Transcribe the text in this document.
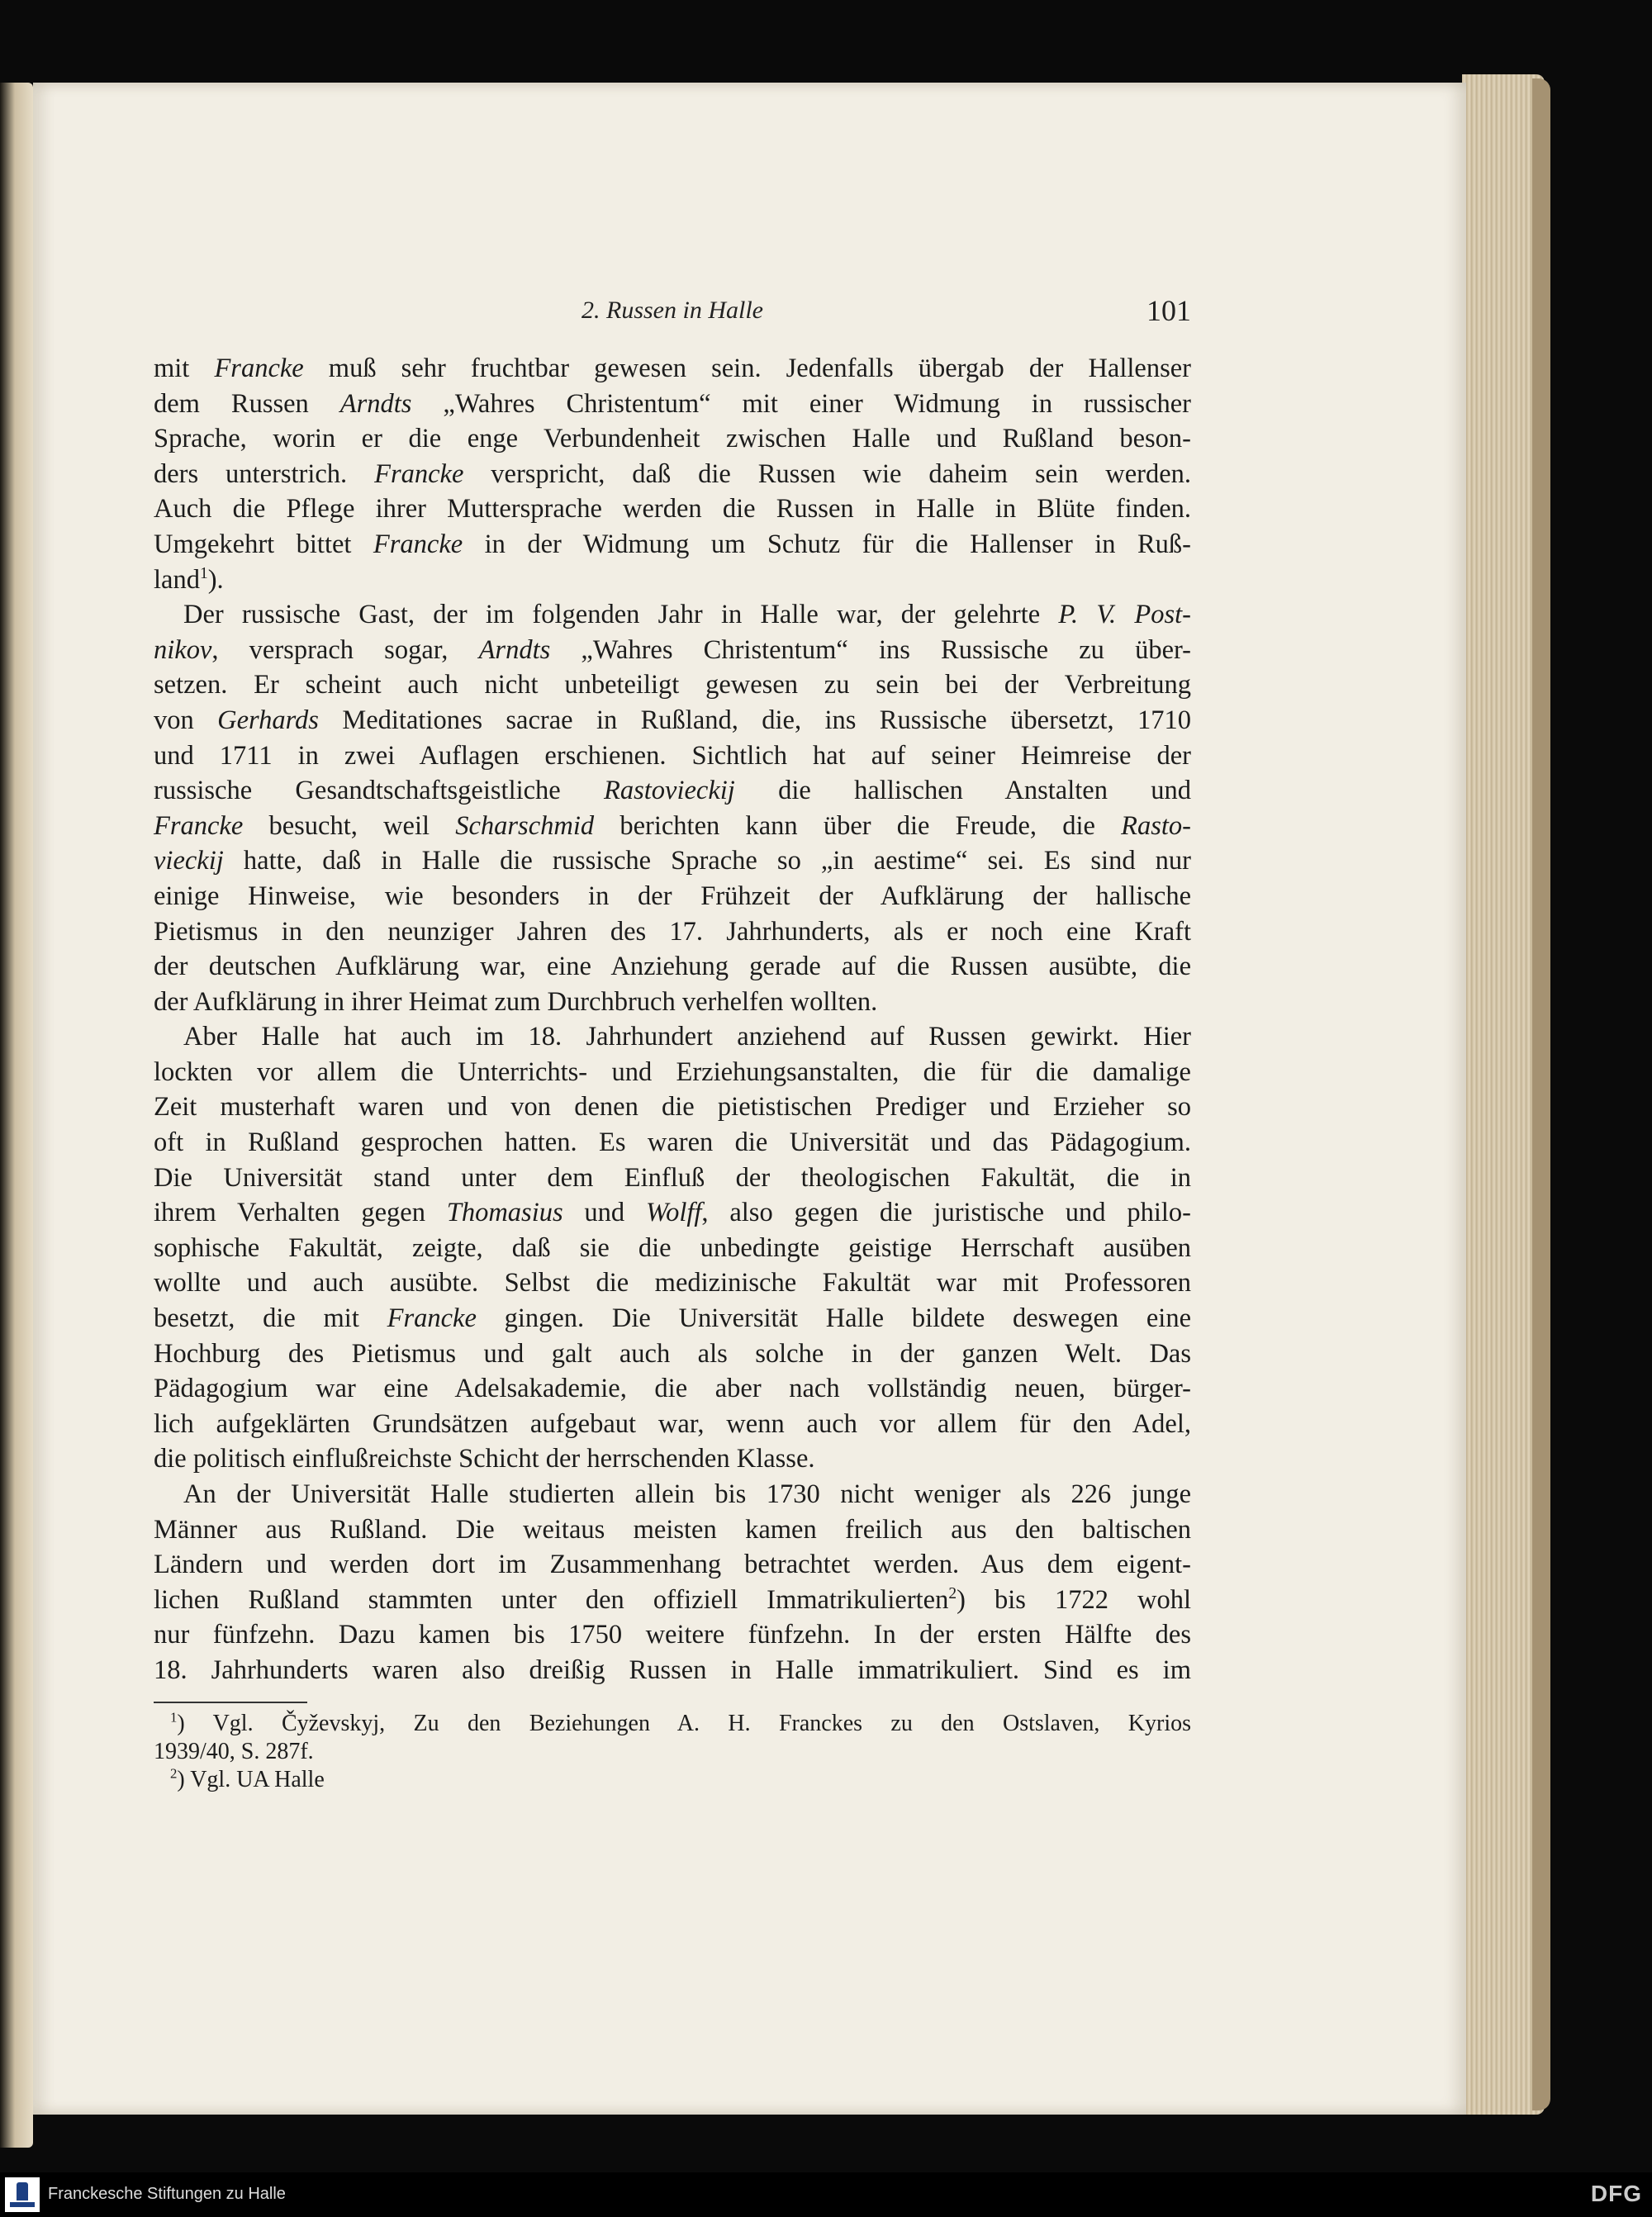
2. Russen in Halle	101

mit Francke muß sehr fruchtbar gewesen sein. Jedenfalls übergab der Hallenser

dem Russen Arndts „Wahres Christentum“ mit einer Widmung in russischer

Sprache, worin er die enge Verbundenheit zwischen Halle und Rußland beson-

ders unterstrich. Francke verspricht, daß die Russen wie daheim sein werden.

Auch die Pflege ihrer Muttersprache werden die Russen in Halle in Blüte finden.

Umgekehrt bittet Francke in der Widmung um Schutz für die Hallenser in Ruß-

land$^1$).

Der russische Gast, der im folgenden Jahr in Halle war, der gelehrte P. V. Post-

nikov, versprach sogar, Arndts „Wahres Christentum“ ins Russische zu über-

setzen. Er scheint auch nicht unbeteiligt gewesen zu sein bei der Verbreitung

von Gerhards Meditationes sacrae in Rußland, die, ins Russische übersetzt, 1710

und 1711 in zwei Auflagen erschienen. Sichtlich hat auf seiner Heimreise der

russische Gesandtschaftsgeistliche Rastovieckij die hallischen Anstalten und

Francke besucht, weil Scharschmid berichten kann über die Freude, die Rasto-

vieckij hatte, daß in Halle die russische Sprache so „in aestime“ sei. Es sind nur

einige Hinweise, wie besonders in der Frühzeit der Aufklärung der hallische

Pietismus in den neunziger Jahren des 17. Jahrhunderts, als er noch eine Kraft

der deutschen Aufklärung war, eine Anziehung gerade auf die Russen ausübte, die

der Aufklärung in ihrer Heimat zum Durchbruch verhelfen wollten.

Aber Halle hat auch im 18. Jahrhundert anziehend auf Russen gewirkt. Hier

lockten vor allem die Unterrichts- und Erziehungsanstalten, die für die damalige

Zeit musterhaft waren und von denen die pietistischen Prediger und Erzieher so

oft in Rußland gesprochen hatten. Es waren die Universität und das Pädagogium.

Die Universität stand unter dem Einfluß der theologischen Fakultät, die in

ihrem Verhalten gegen Thomasius und Wolff, also gegen die juristische und philo-

sophische Fakultät, zeigte, daß sie die unbedingte geistige Herrschaft ausüben

wollte und auch ausübte. Selbst die medizinische Fakultät war mit Professoren

besetzt, die mit Francke gingen. Die Universität Halle bildete deswegen eine

Hochburg des Pietismus und galt auch als solche in der ganzen Welt. Das

Pädagogium war eine Adelsakademie, die aber nach vollständig neuen, bürger-

lich aufgeklärten Grundsätzen aufgebaut war, wenn auch vor allem für den Adel,

die politisch einflußreichste Schicht der herrschenden Klasse.

An der Universität Halle studierten allein bis 1730 nicht weniger als 226 junge

Männer aus Rußland. Die weitaus meisten kamen freilich aus den baltischen

Ländern und werden dort im Zusammenhang betrachtet werden. Aus dem eigent-

lichen Rußland stammten unter den offiziell Immatrikulierten$^2$) bis 1722 wohl

nur fünfzehn. Dazu kamen bis 1750 weitere fünfzehn. In der ersten Hälfte des

18. Jahrhunderts waren also dreißig Russen in Halle immatrikuliert. Sind es im

$^1$) Vgl. Čyževskyj, Zu den Beziehungen A. H. Franckes zu den Ostslaven, Kyrios

1939/40, S. 287f.

$^2$) Vgl. UA Halle

Franckesche Stiftungen zu Halle	DFG
